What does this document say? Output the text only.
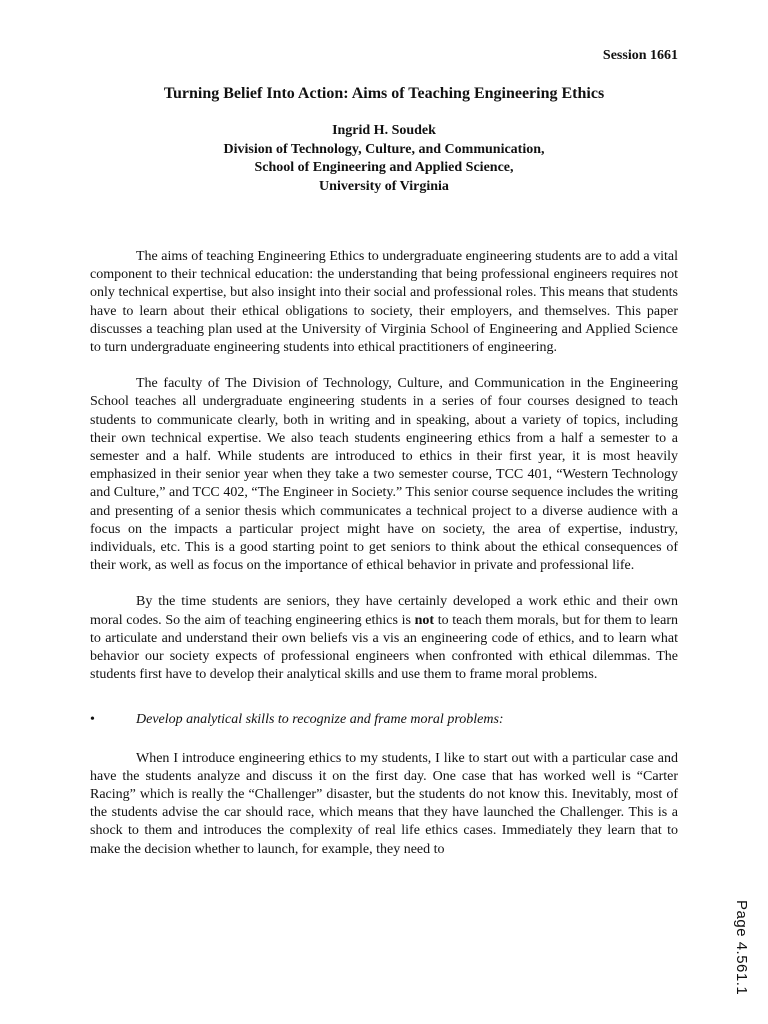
Session 1661
Turning Belief Into Action: Aims of Teaching Engineering Ethics
Ingrid H. Soudek
Division of Technology, Culture, and Communication,
School of Engineering and Applied Science,
University of Virginia

The aims of teaching Engineering Ethics to undergraduate engineering students are to add a vital component to their technical education: the understanding that being professional engineers requires not only technical expertise, but also insight into their social and professional roles. This means that students have to learn about their ethical obligations to society, their employers, and themselves. This paper discusses a teaching plan used at the University of Virginia School of Engineering and Applied Science to turn undergraduate engineering students into ethical practitioners of engineering.

The faculty of The Division of Technology, Culture, and Communication in the Engineering School teaches all undergraduate engineering students in a series of four courses designed to teach students to communicate clearly, both in writing and in speaking, about a variety of topics, including their own technical expertise. We also teach students engineering ethics from a half a semester to a semester and a half. While students are introduced to ethics in their first year, it is most heavily emphasized in their senior year when they take a two semester course, TCC 401, “Western Technology and Culture,” and TCC 402, “The Engineer in Society.” This senior course sequence includes the writing and presenting of a senior thesis which communicates a technical project to a diverse audience with a focus on the impacts a particular project might have on society, the area of expertise, industry, individuals, etc. This is a good starting point to get seniors to think about the ethical consequences of their work, as well as focus on the importance of ethical behavior in private and professional life.

By the time students are seniors, they have certainly developed a work ethic and their own moral codes. So the aim of teaching engineering ethics is not to teach them morals, but for them to learn to articulate and understand their own beliefs vis a vis an engineering code of ethics, and to learn what behavior our society expects of professional engineers when confronted with ethical dilemmas. The students first have to develop their analytical skills and use them to frame moral problems.

•	Develop analytical skills to recognize and frame moral problems:

When I introduce engineering ethics to my students, I like to start out with a particular case and have the students analyze and discuss it on the first day. One case that has worked well is “Carter Racing” which is really the “Challenger” disaster, but the students do not know this. Inevitably, most of the students advise the car should race, which means that they have launched the Challenger. This is a shock to them and introduces the complexity of real life ethics cases. Immediately they learn that to make the decision whether to launch, for example, they need to

Page 4.561.1
